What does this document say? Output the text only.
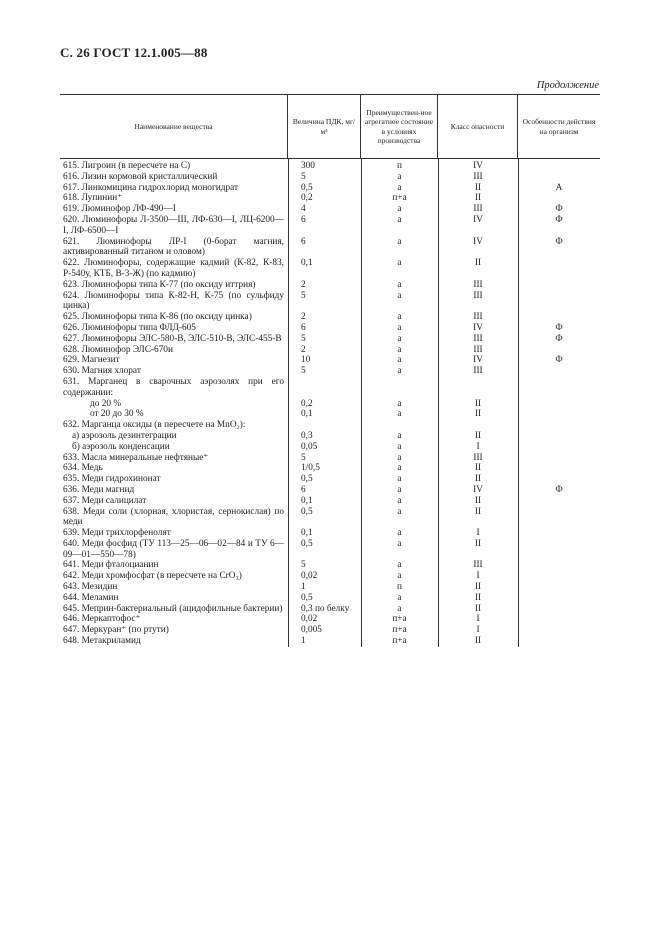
С. 26 ГОСТ 12.1.005—88
Продолжение
Наименование вещества
Величина ПДК, мг/м³
Преимуществен-ное агрегатное состояние в условиях производства
Класс опасности
Особенности действия на организм
615. Лигроин (в пересчете на С)	300	п	IV
616. Лизин кормовой кристаллический	5	а	III
617. Линкомицина гидрохлорид моногидрат	0,5	а	II	А
618. Лупинин⁺	0,2	п+а	II
619. Люминофор ЛФ-490—I	4	а	III	Ф
620. Люминофоры Л-3500—III, ЛФ-630—I, ЛЦ-6200—I, ЛФ-6500—I
6	а	IV	Ф
621. Люминофоры ЛР-I (0-борат магния, активированный титаном и оловом)
6	а	IV	Ф
622. Люминофоры, содержащие кадмий (К-82, К-83, Р-540у, КТБ, В-3-Ж) (по кадмию)
0,1	а	II
623. Люминофоры типа К-77 (по оксиду иттрия)	2	а	III
624. Люминофоры типа К-82-Н, К-75 (по сульфиду цинка)
5	а	III
625. Люминофоры типа К-86 (по оксиду цинка)	2	а	III
626. Люминофоры типа ФЛД-605	6	а	IV	Ф
627. Люминофоры ЭЛС-580-В, ЭЛС-510-В, ЭЛС-455-В	5	а	III	Ф
628. Люминофор ЭЛС-670и	2	а	III
629. Магнезит	10	а	IV	Ф
630. Магния хлорат	5	а	III
631. Марганец в сварочных аэрозолях при его содержании:
до 20 %	0,2	а	II
от 20 до 30 %	0,1	а	II
632. Марганца оксиды (в пересчете на MnO₂):
а) аэрозоль дезинтеграции	0,3	а	II
б) аэрозоль конденсации	0,05	а	I
633. Масла минеральные нефтяные⁺	5	а	III
634. Медь	1/0,5	а	II
635. Меди гидрохинонат	0,5	а	II
636. Меди магнид	6	а	IV	Ф
637. Меди салицилат	0,1	а	II
638. Меди соли (хлорная, хлористая, сернокислая) по меди
0,5	а	II
639. Меди трихлорфенолят	0,1	а	I
640. Меди фосфид (ТУ 113—25—06—02—84 и ТУ 6—09—01—550—78)
0,5	а	II
641. Меди фталоцианин	5	а	III
642. Меди хромфосфат (в пересчете на CrO₃)	0,02	а	I
643. Мезидин	1	п	II
644. Меламин	0,5	а	II
645. Меприн-бактериальный (ацидофильные бактерии)	0,3 по белку	а	II
646. Меркаптофос⁺	0,02	п+а	I
647. Меркуран⁺ (по ртути)	0,005	п+а	I
648. Метакриламид	1	п+а	II
